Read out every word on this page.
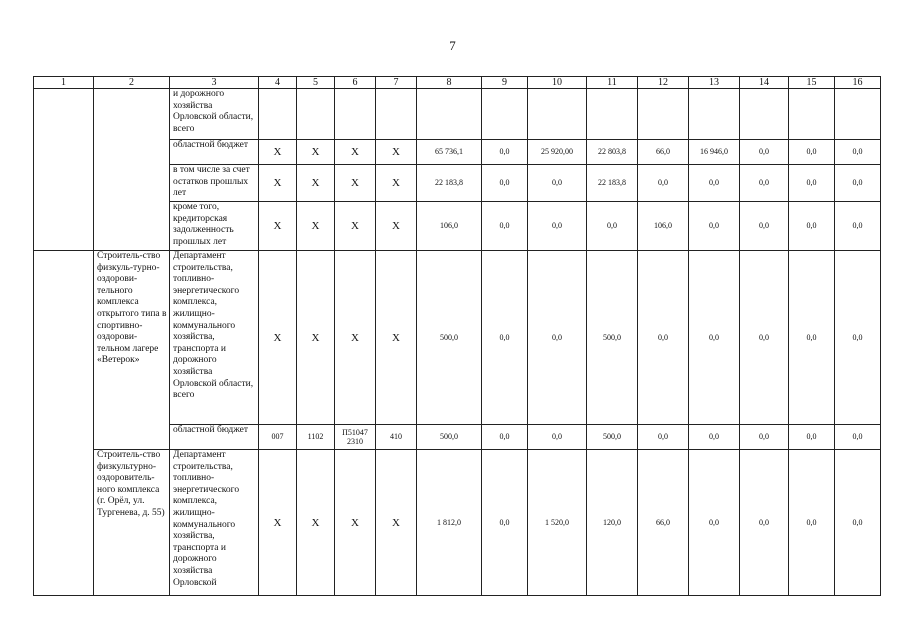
7
1	2	3	4	5	6	7	8	9	10	11	12	13	14	15	16
		и дорожного хозяйства Орловской области, всего													
		областной бюджет	X	X	X	X	65 736,1	0,0	25 920,00	22 803,8	66,0	16 946,0	0,0	0,0	0,0
		в том числе за счет остатков прошлых лет	X	X	X	X	22 183,8	0,0	0,0	22 183,8	0,0	0,0	0,0	0,0	0,0
		кроме того, кредиторская задолженность прошлых лет	X	X	X	X	106,0	0,0	0,0	0,0	106,0	0,0	0,0	0,0	0,0
	Строитель-ство физкуль-турно-оздорови-тельного комплекса открытого типа в спортивно-оздорови-тельном лагере «Ветерок»	Департамент строительства, топливно-энергетического комплекса, жилищно-коммунального хозяйства, транспорта и дорожного хозяйства Орловской области, всего	X	X	X	X	500,0	0,0	0,0	500,0	0,0	0,0	0,0	0,0	0,0
		областной бюджет	007	1102	П51047 2310	410	500,0	0,0	0,0	500,0	0,0	0,0	0,0	0,0	0,0
	Строитель-ство физкультурно-оздоровитель-ного комплекса (г. Орёл, ул. Тургенева, д. 55)	Департамент строительства, топливно-энергетического комплекса, жилищно-коммунального хозяйства, транспорта и дорожного хозяйства Орловской	X	X	X	X	1 812,0	0,0	1 520,0	120,0	66,0	0,0	0,0	0,0	0,0
